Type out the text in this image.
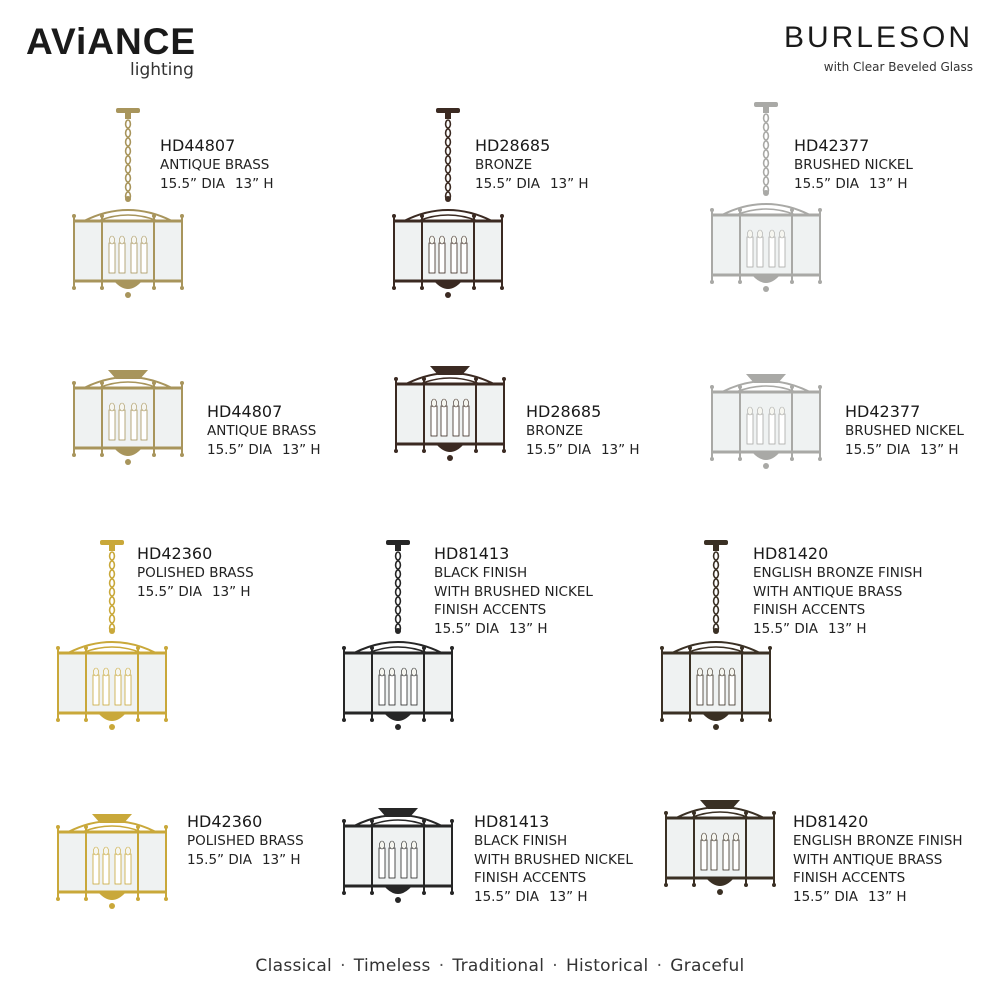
AViANCE
lighting
BURLESON
with Clear Beveled Glass
HD44807
ANTIQUE BRASS
15.5” DIA 13” H
HD28685
BRONZE
15.5” DIA 13” H
HD42377
BRUSHED NICKEL
15.5” DIA 13” H
HD44807
ANTIQUE BRASS
15.5” DIA 13” H
HD28685
BRONZE
15.5” DIA 13” H
HD42377
BRUSHED NICKEL
15.5” DIA 13” H
HD42360
POLISHED BRASS
15.5” DIA 13” H
HD81413
BLACK FINISH
WITH BRUSHED NICKEL
FINISH ACCENTS
15.5” DIA 13” H
HD81420
ENGLISH BRONZE FINISH
WITH ANTIQUE BRASS
FINISH ACCENTS
15.5” DIA 13” H
HD42360
POLISHED BRASS
15.5” DIA 13” H
HD81413
BLACK FINISH
WITH BRUSHED NICKEL
FINISH ACCENTS
15.5” DIA 13” H
HD81420
ENGLISH BRONZE FINISH
WITH ANTIQUE BRASS
FINISH ACCENTS
15.5” DIA 13” H
Classical · Timeless · Traditional · Historical · Graceful
